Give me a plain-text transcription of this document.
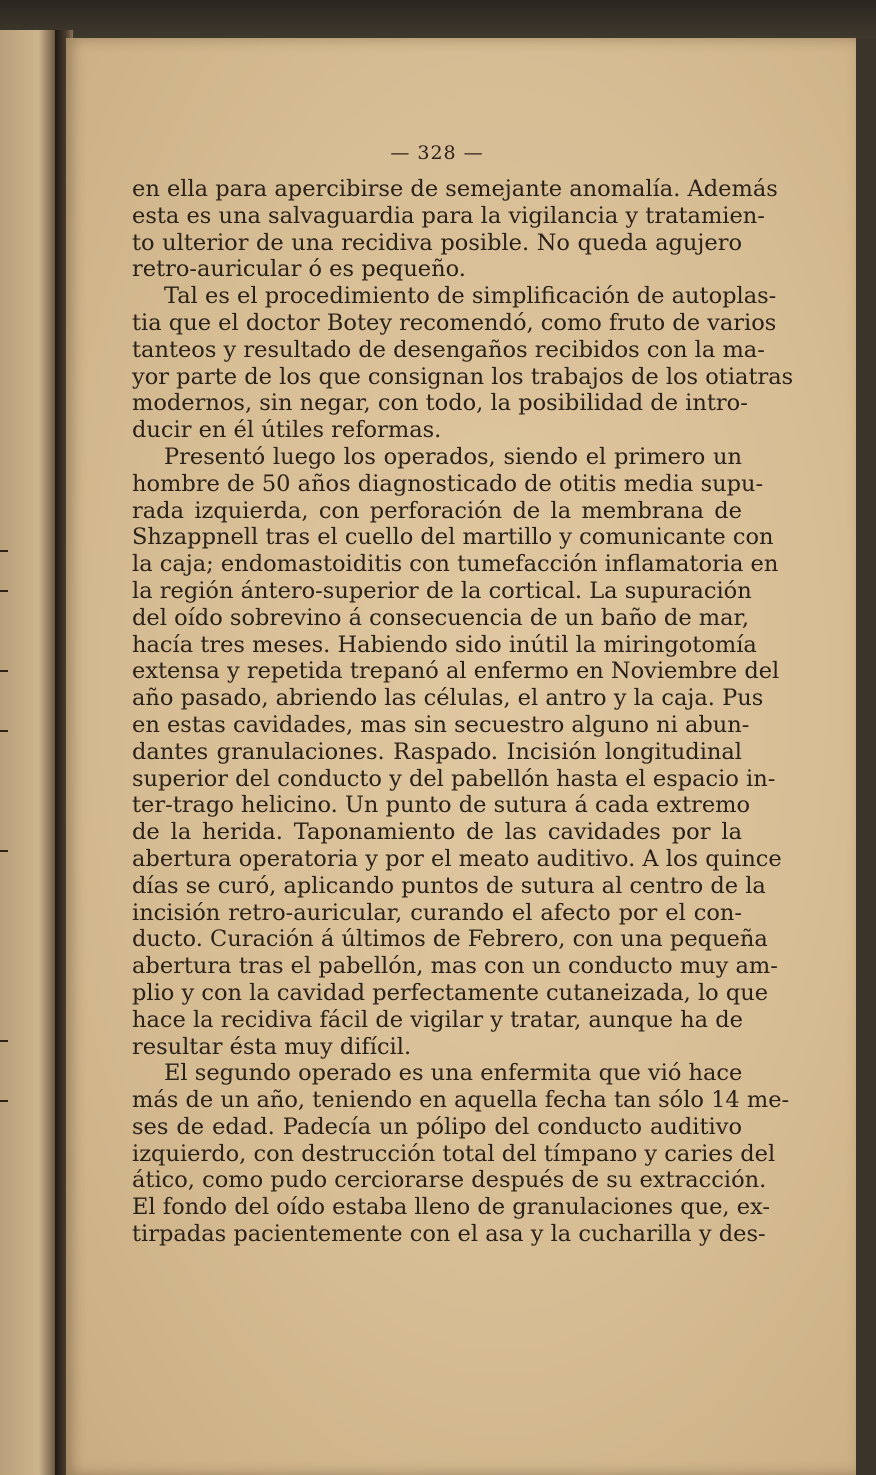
— 328 —
en ella para apercibirse de semejante anomalía. Además
esta es una salvaguardia para la vigilancia y tratamien-
to ulterior de una recidiva posible. No queda agujero
retro-auricular ó es pequeño.
Tal es el procedimiento de simplificación de autoplas-
tia que el doctor Botey recomendó, como fruto de varios
tanteos y resultado de desengaños recibidos con la ma-
yor parte de los que consignan los trabajos de los otiatras
modernos, sin negar, con todo, la posibilidad de intro-
ducir en él útiles reformas.
Presentó luego los operados, siendo el primero un
hombre de 50 años diagnosticado de otitis media supu-
rada izquierda, con perforación de la membrana de
Shzappnell tras el cuello del martillo y comunicante con
la caja; endomastoiditis con tumefacción inflamatoria en
la región ántero-superior de la cortical. La supuración
del oído sobrevino á consecuencia de un baño de mar,
hacía tres meses. Habiendo sido inútil la miringotomía
extensa y repetida trepanó al enfermo en Noviembre del
año pasado, abriendo las células, el antro y la caja. Pus
en estas cavidades, mas sin secuestro alguno ni abun-
dantes granulaciones. Raspado. Incisión longitudinal
superior del conducto y del pabellón hasta el espacio in-
ter-trago helicino. Un punto de sutura á cada extremo
de la herida. Taponamiento de las cavidades por la
abertura operatoria y por el meato auditivo. A los quince
días se curó, aplicando puntos de sutura al centro de la
incisión retro-auricular, curando el afecto por el con-
ducto. Curación á últimos de Febrero, con una pequeña
abertura tras el pabellón, mas con un conducto muy am-
plio y con la cavidad perfectamente cutaneizada, lo que
hace la recidiva fácil de vigilar y tratar, aunque ha de
resultar ésta muy difícil.
El segundo operado es una enfermita que vió hace
más de un año, teniendo en aquella fecha tan sólo 14 me-
ses de edad. Padecía un pólipo del conducto auditivo
izquierdo, con destrucción total del tímpano y caries del
ático, como pudo cerciorarse después de su extracción.
El fondo del oído estaba lleno de granulaciones que, ex-
tirpadas pacientemente con el asa y la cucharilla y des-
